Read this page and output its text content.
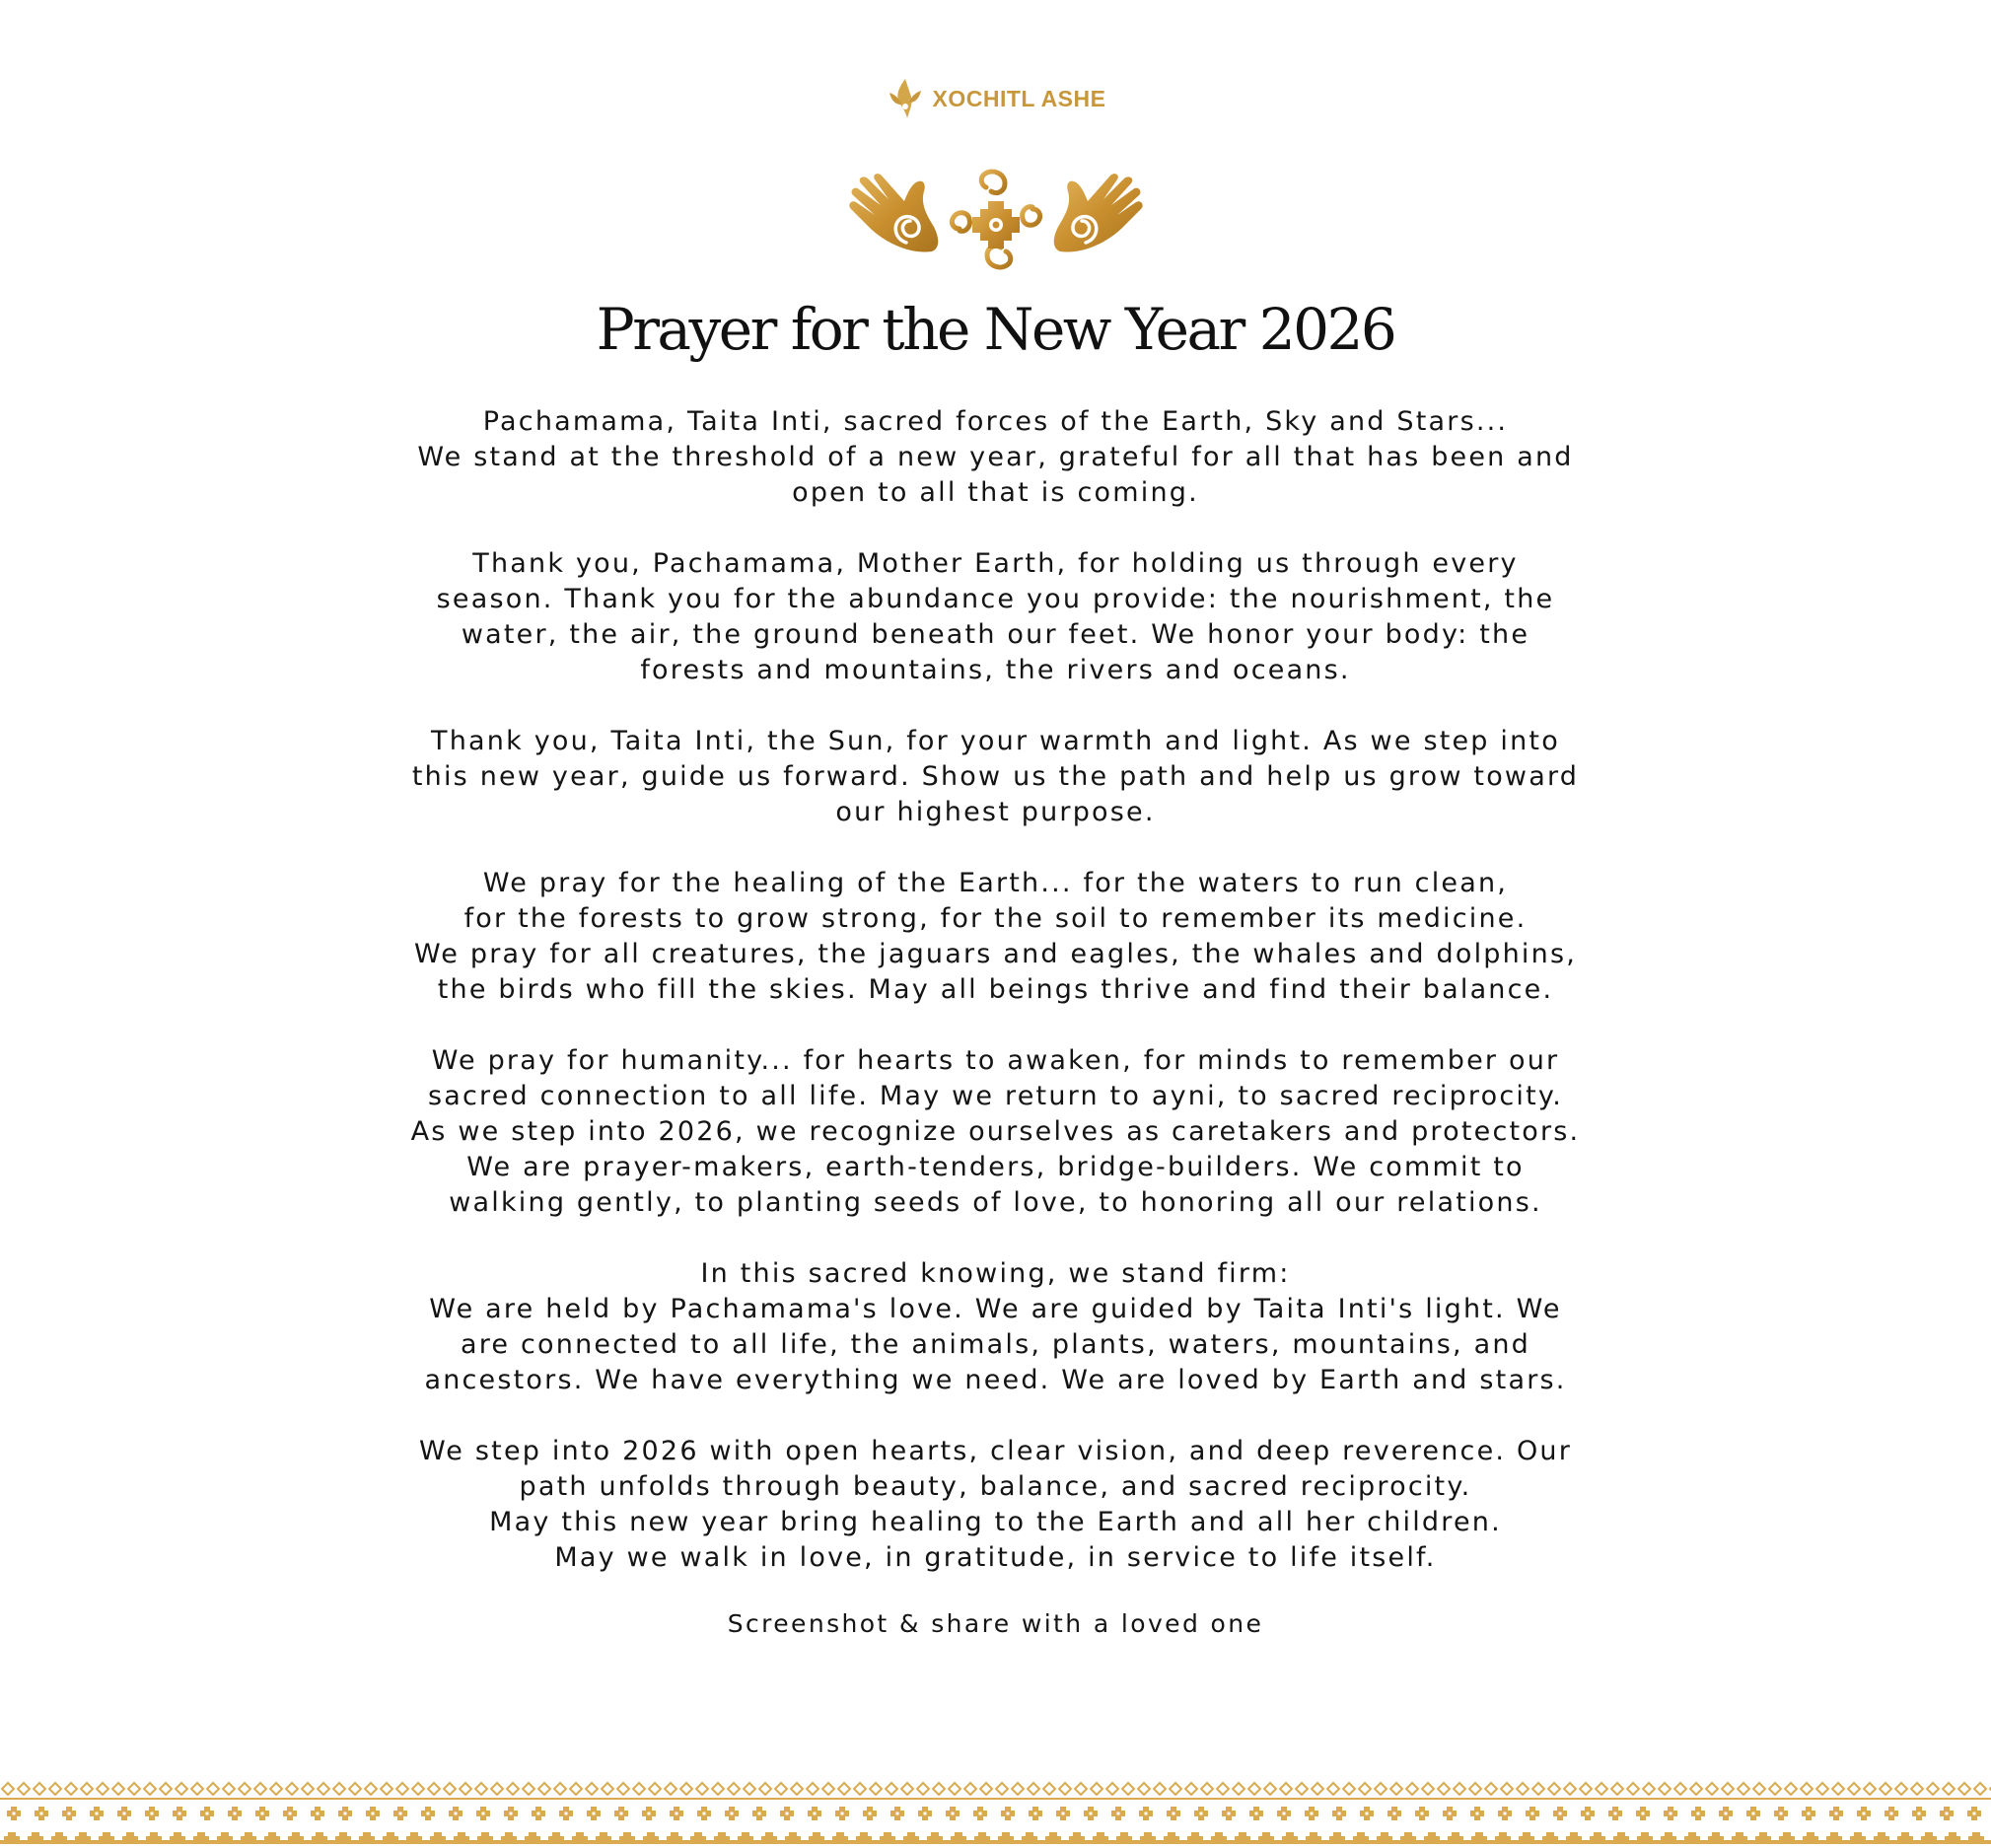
XOCHITL ASHE
Prayer for the New Year 2026
Pachamama, Taita Inti, sacred forces of the Earth, Sky and Stars...
We stand at the threshold of a new year, grateful for all that has been and
open to all that is coming.
Thank you, Pachamama, Mother Earth, for holding us through every
season. Thank you for the abundance you provide: the nourishment, the
water, the air, the ground beneath our feet. We honor your body: the
forests and mountains, the rivers and oceans.
Thank you, Taita Inti, the Sun, for your warmth and light. As we step into
this new year, guide us forward. Show us the path and help us grow toward
our highest purpose.
We pray for the healing of the Earth... for the waters to run clean,
for the forests to grow strong, for the soil to remember its medicine.
We pray for all creatures, the jaguars and eagles, the whales and dolphins,
the birds who fill the skies. May all beings thrive and find their balance.
We pray for humanity... for hearts to awaken, for minds to remember our
sacred connection to all life. May we return to ayni, to sacred reciprocity.
As we step into 2026, we recognize ourselves as caretakers and protectors.
We are prayer-makers, earth-tenders, bridge-builders. We commit to
walking gently, to planting seeds of love, to honoring all our relations.
In this sacred knowing, we stand firm:
We are held by Pachamama's love. We are guided by Taita Inti's light. We
are connected to all life, the animals, plants, waters, mountains, and
ancestors. We have everything we need. We are loved by Earth and stars.
We step into 2026 with open hearts, clear vision, and deep reverence. Our
path unfolds through beauty, balance, and sacred reciprocity.
May this new year bring healing to the Earth and all her children.
May we walk in love, in gratitude, in service to life itself.
Screenshot & share with a loved one
